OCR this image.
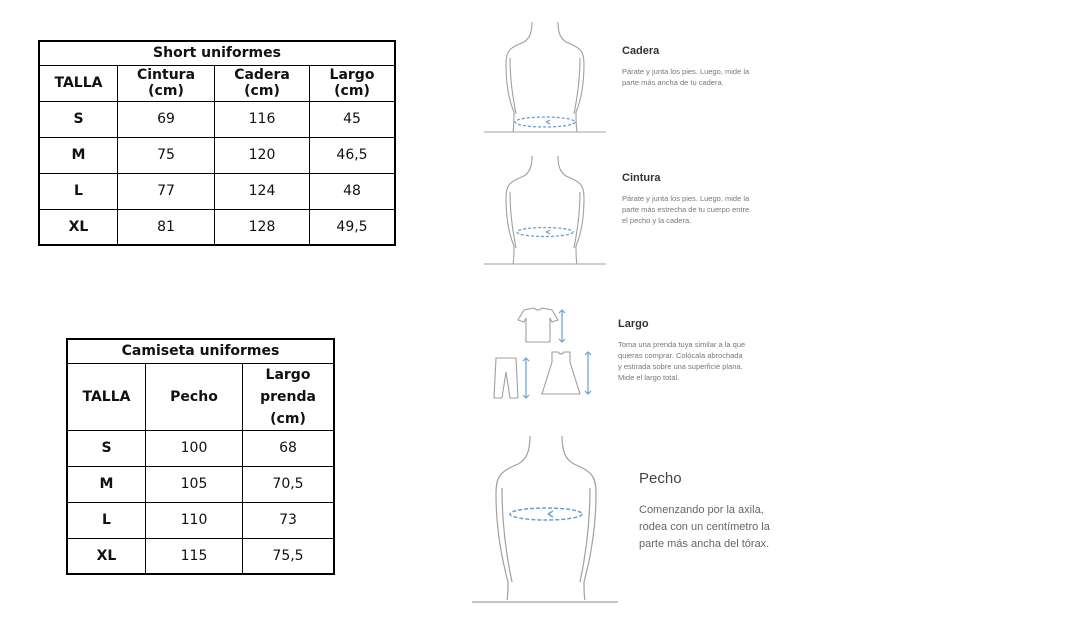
Short uniformes			
TALLA	Cintura (cm)	Cadera (cm)	Largo (cm)
S	69	116	45
M	75	120	46,5
L	77	124	48
XL	81	128	49,5
Camiseta uniformes		
TALLA	Pecho	Largo prenda (cm)
S	100	68
M	105	70,5
L	110	73
XL	115	75,5
Cadera
Párate y junta los pies. Luego, mide la parte más ancha de tu cadera.
Cintura
Párate y junta los pies. Luego, mide la parte más estrecha de tu cuerpo entre el pecho y la cadera.
Largo
Toma una prenda tuya similar a la que quieras comprar. Colócala abrochada y estirada sobre una superficie plana. Mide el largo total.
Pecho
Comenzando por la axila, rodea con un centímetro la parte más ancha del tórax.
